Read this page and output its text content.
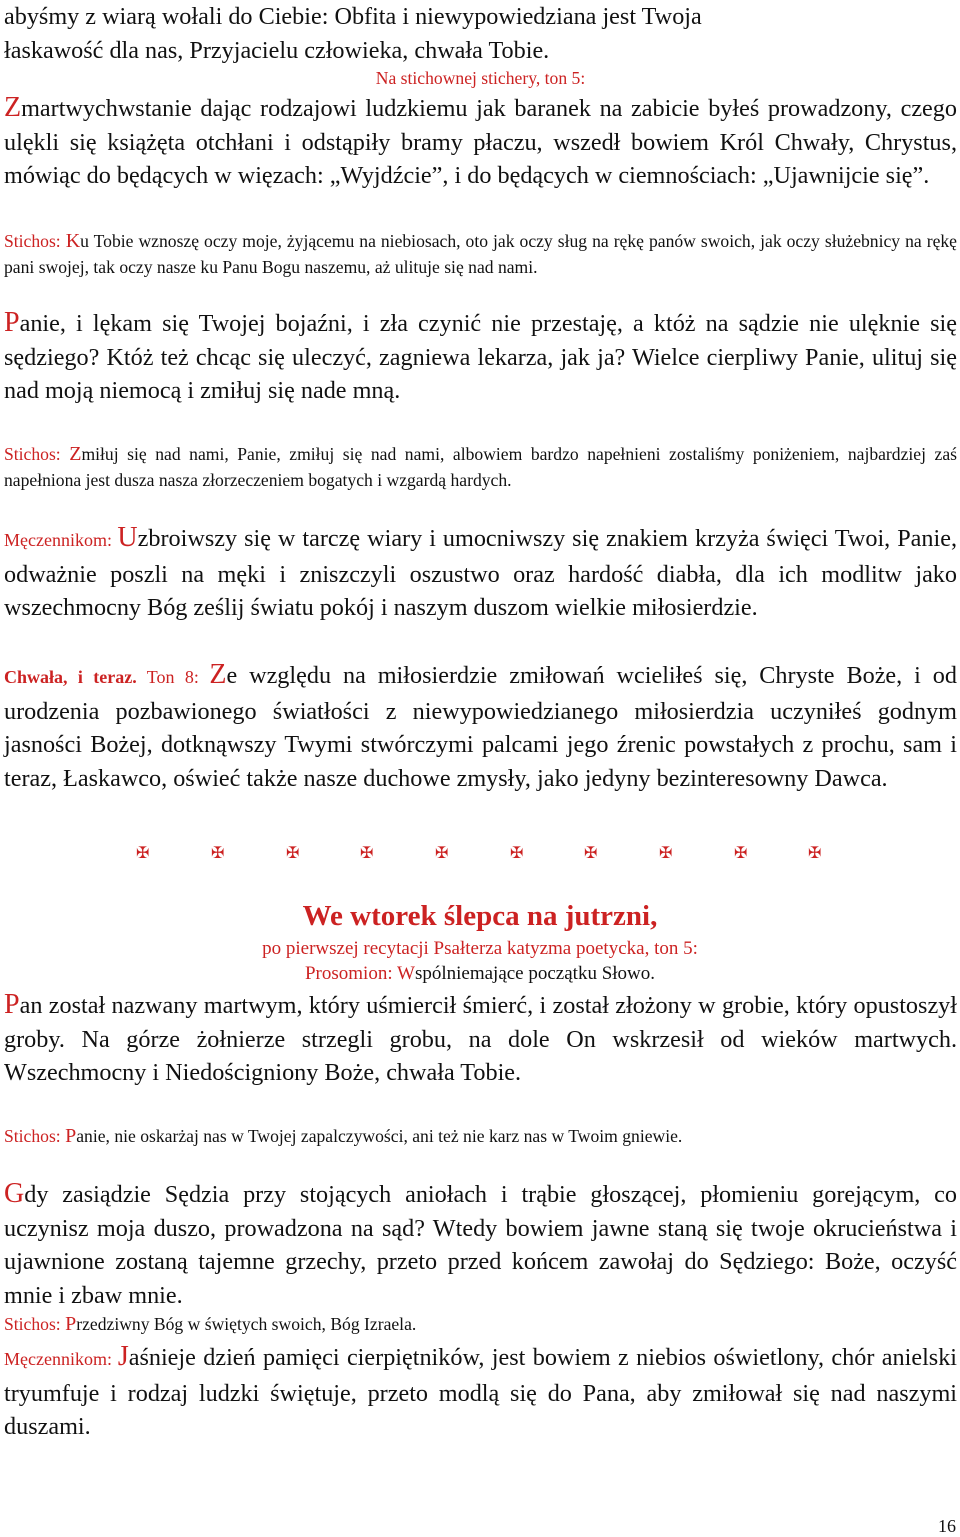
abyśmy z wiarą wołali do Ciebie: Obfita i niewypowiedziana jest Twoja

łaskawość dla nas, Przyjacielu człowieka, chwała Tobie.

Na stichownej stichery, ton 5:

Zmartwychwstanie dając rodzajowi ludzkiemu jak baranek na zabicie byłeś prowadzony, czego ulękli się książęta otchłani i odstąpiły bramy płaczu, wszedł bowiem Król Chwały, Chrystus, mówiąc do będących w więzach: „Wyjdźcie”, i do będących w ciemnościach: „Ujawnijcie się”.

Stichos: Ku Tobie wznoszę oczy moje, żyjącemu na niebiosach, oto jak oczy sług na rękę panów swoich, jak oczy służebnicy na rękę pani swojej, tak oczy nasze ku Panu Bogu naszemu, aż ulituje się nad nami.

Panie, i lękam się Twojej bojaźni, i zła czynić nie przestaję, a któż na sądzie nie ulęknie się sędziego? Któż też chcąc się uleczyć, zagniewa lekarza, jak ja? Wielce cierpliwy Panie, ulituj się nad moją niemocą i zmiłuj się nade mną.

Stichos: Zmiłuj się nad nami, Panie, zmiłuj się nad nami, albowiem bardzo napełnieni zostaliśmy poniżeniem, najbardziej zaś napełniona jest dusza nasza złorzeczeniem bogatych i wzgardą hardych.

Męczennikom: Uzbroiwszy się w tarczę wiary i umocniwszy się znakiem krzyża święci Twoi, Panie, odważnie poszli na męki i zniszczyli oszustwo oraz hardość diabła, dla ich modlitw jako wszechmocny Bóg ześlij światu pokój i naszym duszom wielkie miłosierdzie.

Chwała, i teraz. Ton 8: Ze względu na miłosierdzie zmiłowań wcieliłeś się, Chryste Boże, i od urodzenia pozbawionego światłości z niewypowiedzianego miłosierdzia uczyniłeś godnym jasności Bożej, dotknąwszy Twymi stwórczymi palcami jego źrenic powstałych z prochu, sam i teraz, Łaskawco, oświeć także nasze duchowe zmysły, jako jedyny bezinteresowny Dawca.

✠	✠	✠	✠	✠	✠	✠	✠	✠	✠
We wtorek ślepca na jutrzni,
po pierwszej recytacji Psałterza katyzma poetycka, ton 5:
Prosomion: Wspólniemające początku Słowo.

Pan został nazwany martwym, który uśmiercił śmierć, i został złożony w grobie, który opustoszył groby. Na górze żołnierze strzegli grobu, na dole On wskrzesił od wieków martwych. Wszechmocny i Niedościgniony Boże, chwała Tobie.

Stichos: Panie, nie oskarżaj nas w Twojej zapalczywości, ani też nie karz nas w Twoim gniewie.

Gdy zasiądzie Sędzia przy stojących aniołach i trąbie głoszącej, płomieniu gorejącym, co uczynisz moja duszo, prowadzona na sąd? Wtedy bowiem jawne staną się twoje okrucieństwa i ujawnione zostaną tajemne grzechy, przeto przed końcem zawołaj do Sędziego: Boże, oczyść mnie i zbaw mnie.

Stichos: Przedziwny Bóg w świętych swoich, Bóg Izraela.

Męczennikom: Jaśnieje dzień pamięci cierpiętników, jest bowiem z niebios oświetlony, chór anielski tryumfuje i rodzaj ludzki świętuje, przeto modlą się do Pana, aby zmiłował się nad naszymi duszami.

16
